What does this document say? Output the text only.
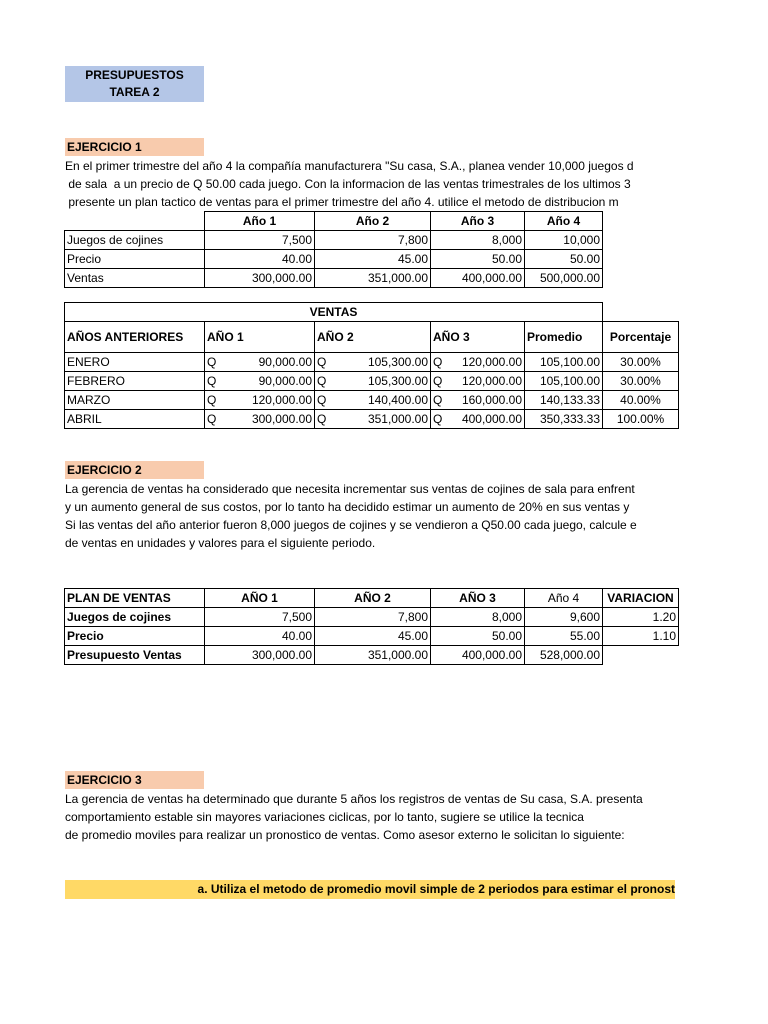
PRESUPUESTOS
TAREA 2
EJERCICIO 1
En el primer trimestre del año 4 la compañía manufacturera "Su casa, S.A., planea vender 10,000 juegos d
de sala  a un precio de Q 50.00 cada juego. Con la informacion de las ventas trimestrales de los ultimos 3
presente un plan tactico de ventas para el primer trimestre del año 4. utilice el metodo de distribucion m
	Año 1	Año 2	Año 3	Año 4
Juegos de cojines	7,500	7,800	8,000	10,000
Precio	40.00	45.00	50.00	50.00
Ventas	300,000.00	351,000.00	400,000.00	500,000.00
VENTAS					
AÑOS ANTERIORES	AÑO 1	AÑO 2	AÑO 3	Promedio	Porcentaje
ENERO	Q 90,000.00	Q 105,300.00	Q 120,000.00	105,100.00	30.00%
FEBRERO	Q 90,000.00	Q 105,300.00	Q 120,000.00	105,100.00	30.00%
MARZO	Q 120,000.00	Q 140,400.00	Q 160,000.00	140,133.33	40.00%
ABRIL	Q 300,000.00	Q 351,000.00	Q 400,000.00	350,333.33	100.00%
EJERCICIO 2
La gerencia de ventas ha considerado que necesita incrementar sus ventas de cojines de sala para enfrent
y un aumento general de sus costos, por lo tanto ha decidido estimar un aumento de 20% en sus ventas y
Si las ventas del año anterior fueron 8,000 juegos de cojines y se vendieron a Q50.00 cada juego, calcule e
de ventas en unidades y valores para el siguiente periodo.
PLAN DE VENTAS	AÑO 1	AÑO 2	AÑO 3	Año 4	VARIACION
Juegos de cojines	7,500	7,800	8,000	9,600	1.20
Precio	40.00	45.00	50.00	55.00	1.10
Presupuesto Ventas	300,000.00	351,000.00	400,000.00	528,000.00	
EJERCICIO 3
La gerencia de ventas ha determinado que durante 5 años los registros de ventas de Su casa, S.A. presenta
comportamiento estable sin mayores variaciones ciclicas, por lo tanto, sugiere se utilice la tecnica
de promedio moviles para realizar un pronostico de ventas. Como asesor externo le solicitan lo siguiente:
a. Utiliza el metodo de promedio movil simple de 2 periodos para estimar el pronost
